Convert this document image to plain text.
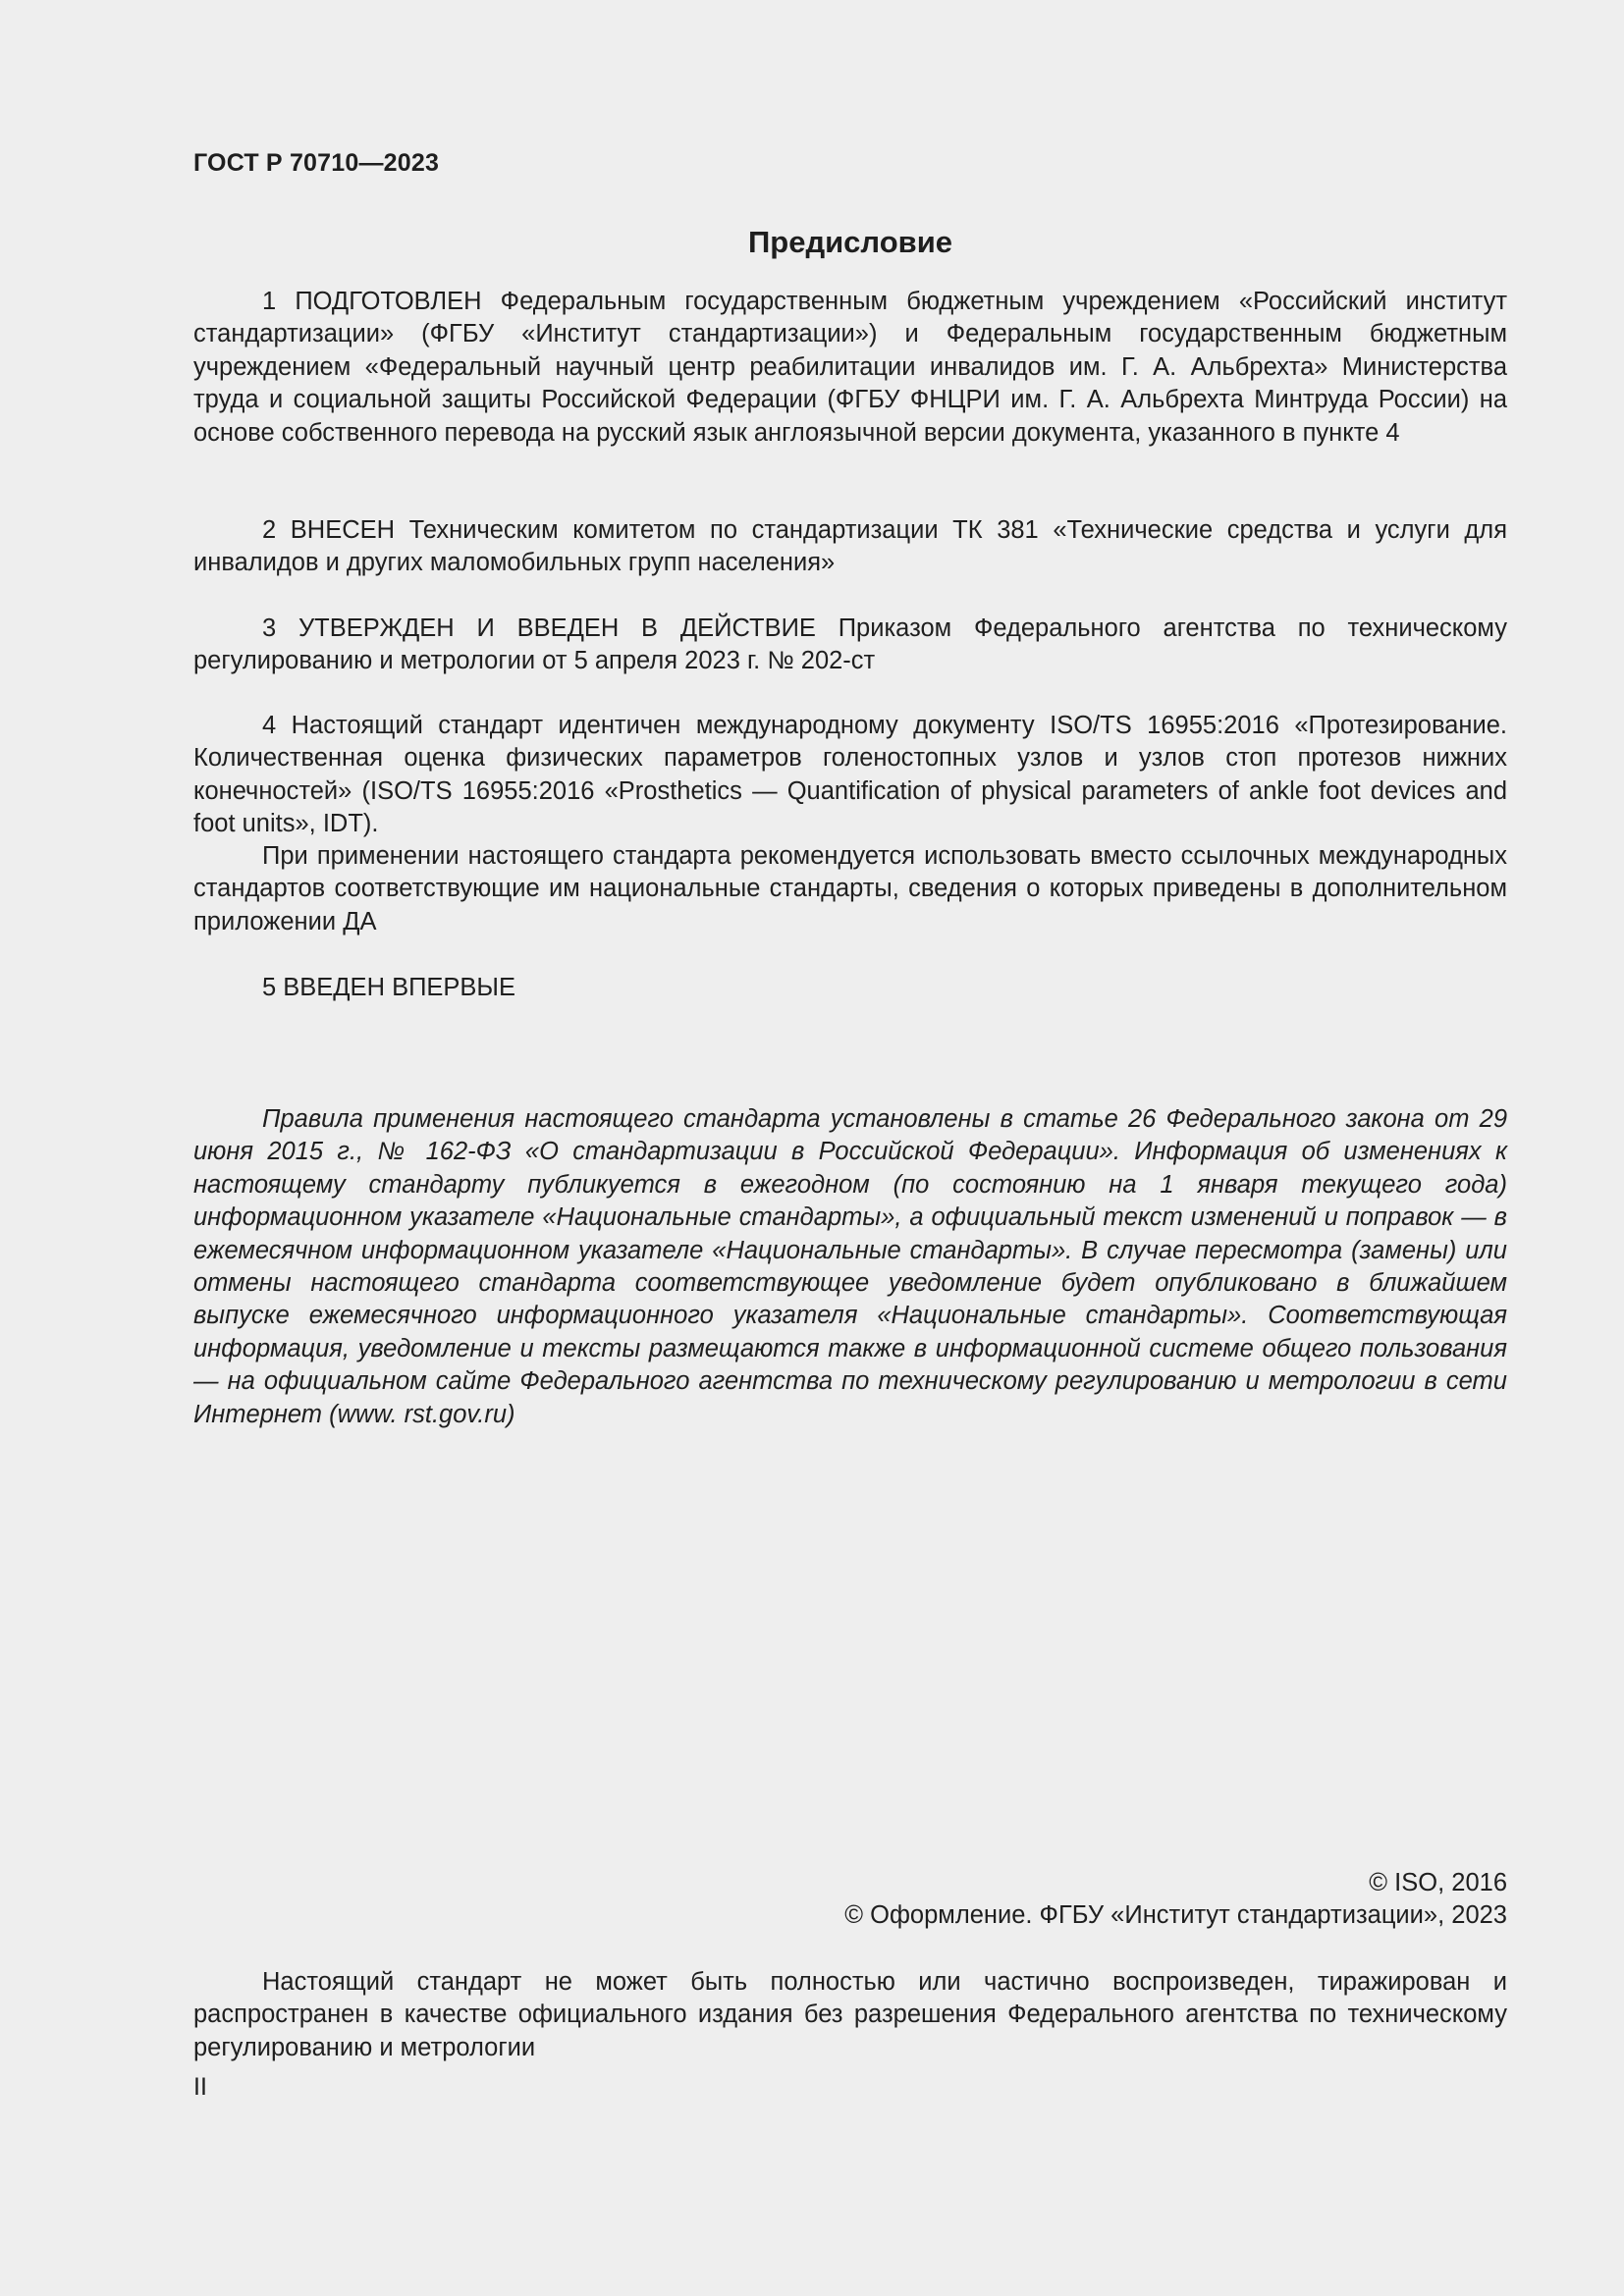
ГОСТ Р 70710—2023
Предисловие

1 ПОДГОТОВЛЕН Федеральным государственным бюджетным учреждением «Российский институт стандартизации» (ФГБУ «Институт стандартизации») и Федеральным государственным бюджетным учреждением «Федеральный научный центр реабилитации инвалидов им. Г. А. Альбрехта» Министерства труда и социальной защиты Российской Федерации (ФГБУ ФНЦРИ им. Г. А. Альбрехта Минтруда России) на основе собственного перевода на русский язык англоязычной версии документа, указанного в пункте 4

2 ВНЕСЕН Техническим комитетом по стандартизации ТК 381 «Технические средства и услуги для инвалидов и других маломобильных групп населения»

3 УТВЕРЖДЕН И ВВЕДЕН В ДЕЙСТВИЕ Приказом Федерального агентства по техническому регулированию и метрологии от 5 апреля 2023 г. № 202-ст

4 Настоящий стандарт идентичен международному документу ISO/TS 16955:2016 «Протезирование. Количественная оценка физических параметров голеностопных узлов и узлов стоп протезов нижних конечностей» (ISO/TS 16955:2016 «Prosthetics — Quantification of physical parameters of ankle foot devices and foot units», IDT).

При применении настоящего стандарта рекомендуется использовать вместо ссылочных международных стандартов соответствующие им национальные стандарты, сведения о которых приведены в дополнительном приложении ДА

5 ВВЕДЕН ВПЕРВЫЕ

Правила применения настоящего стандарта установлены в статье 26 Федерального закона от 29 июня 2015 г., № 162-ФЗ «О стандартизации в Российской Федерации». Информация об изменениях к настоящему стандарту публикуется в ежегодном (по состоянию на 1 января текущего года) информационном указателе «Национальные стандарты», а официальный текст изменений и поправок — в ежемесячном информационном указателе «Национальные стандарты». В случае пересмотра (замены) или отмены настоящего стандарта соответствующее уведомление будет опубликовано в ближайшем выпуске ежемесячного информационного указателя «Национальные стандарты». Соответствующая информация, уведомление и тексты размещаются также в информационной системе общего пользования — на официальном сайте Федерального агентства по техническому регулированию и метрологии в сети Интернет (www. rst.gov.ru)

© ISO, 2016
© Оформление. ФГБУ «Институт стандартизации», 2023

Настоящий стандарт не может быть полностью или частично воспроизведен, тиражирован и распространен в качестве официального издания без разрешения Федерального агентства по техническому регулированию и метрологии

II
